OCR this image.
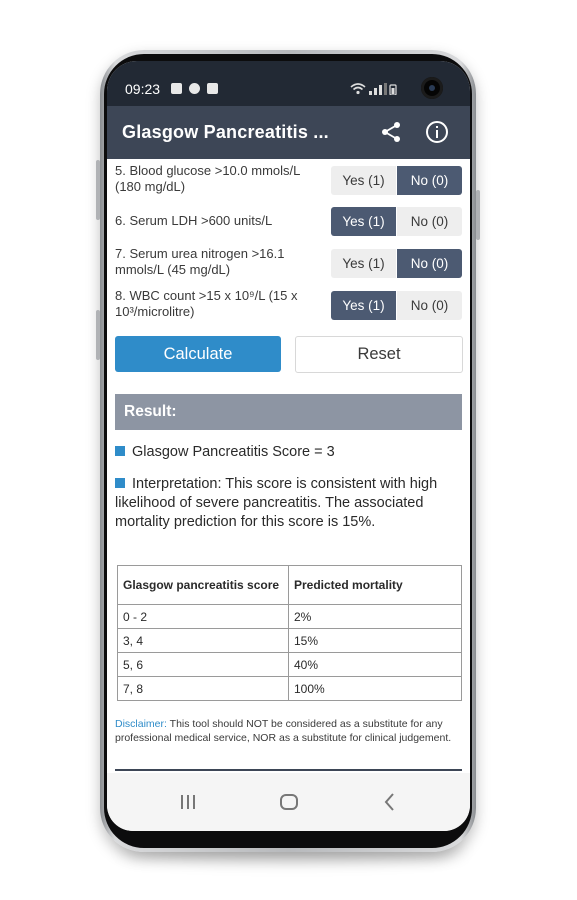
09:23
Glasgow Pancreatitis ...
5. Blood glucose >10.0 mmols/L (180 mg/dL)	Yes (1)	No (0)
6. Serum LDH >600 units/L	Yes (1)	No (0)
7. Serum urea nitrogen >16.1 mmols/L (45 mg/dL)	Yes (1)	No (0)
8. WBC count >15 x 10⁹/L (15 x 10³/microlitre)	Yes (1)	No (0)
Calculate	Reset
Result:
Glasgow Pancreatitis Score = 3
Interpretation: This score is consistent with high likelihood of severe pancreatitis. The associated mortality prediction for this score is 15%.
Glasgow pancreatitis score	Predicted mortality
0 - 2	2%
3, 4	15%
5, 6	40%
7, 8	100%
Disclaimer: This tool should NOT be considered as a substitute for any professional medical service, NOR as a substitute for clinical judgement.
